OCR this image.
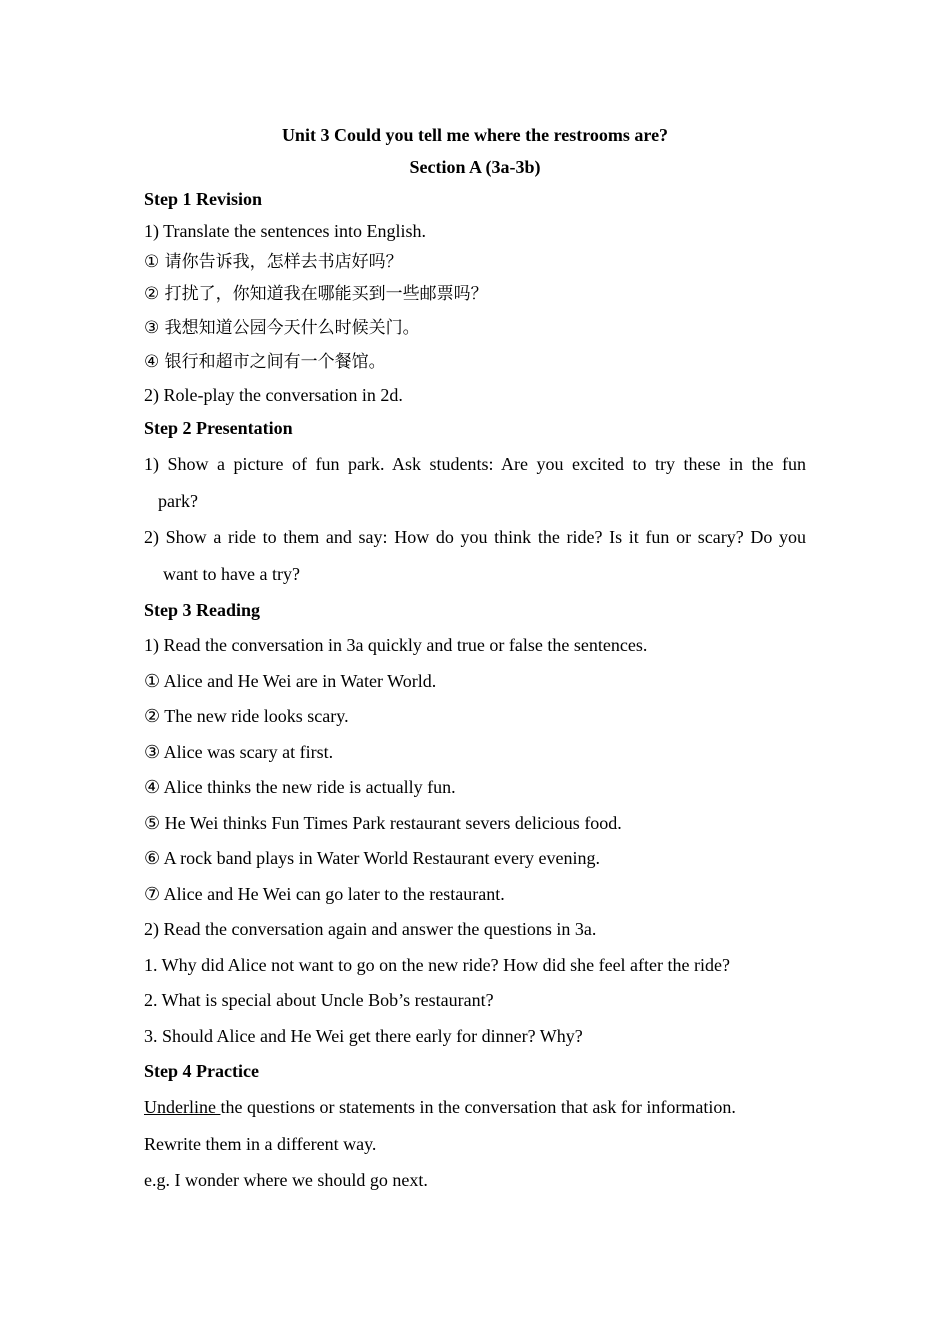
Unit 3 Could you tell me where the restrooms are?
Section A (3a-3b)
Step 1 Revision
1) Translate the sentences into English.
① 请你告诉我，怎样去书店好吗？
② 打扰了，你知道我在哪能买到一些邮票吗？
③ 我想知道公园今天什么时候关门。
④ 银行和超市之间有一个餐馆。
2) Role-play the conversation in 2d.
Step 2 Presentation
1) Show a picture of fun park. Ask students: Are you excited to try these in the fun
park?
2) Show a ride to them and say: How do you think the ride? Is it fun or scary? Do you
want to have a try?
Step 3 Reading
1) Read the conversation in 3a quickly and true or false the sentences.
① Alice and He Wei are in Water World.
② The new ride looks scary.
③ Alice was scary at first.
④ Alice thinks the new ride is actually fun.
⑤ He Wei thinks Fun Times Park restaurant severs delicious food.
⑥ A rock band plays in Water World Restaurant every evening.
⑦ Alice and He Wei can go later to the restaurant.
2) Read the conversation again and answer the questions in 3a.
1. Why did Alice not want to go on the new ride? How did she feel after the ride?
2. What is special about Uncle Bob’s restaurant?
3. Should Alice and He Wei get there early for dinner? Why?
Step 4 Practice
Underline the questions or statements in the conversation that ask for information.
Rewrite them in a different way.
e.g. I wonder where we should go next.
